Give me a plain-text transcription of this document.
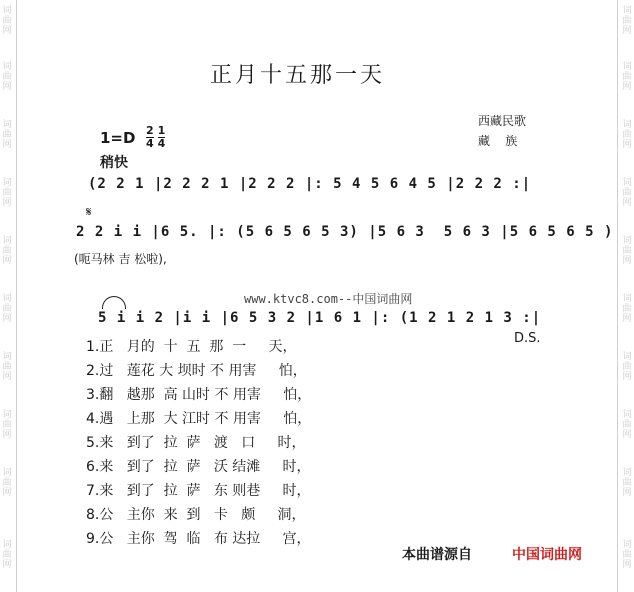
词
曲
网
词
曲
网
词
曲
网
词
曲
网
词
曲
网
词
曲
网
词
曲
网
词
曲
网
词
曲
网
词
曲
网
词
曲
网
词
曲
网
词
曲
网
词
曲
网
词
曲
网
词
曲
网
词
曲
网
词
曲
网
词
曲
网
词
曲
网
正月十五那一天
西藏民歌
藏    族
$1=D \frac{2}{4} \frac{1}{4}$
稍快
(2 2 1 |2 2 2 1 |2 2 2 |: 5 4 5 6 4 5 |2 2 2 :|
𝄋
2 2 i i |6 5. |: (5 6 5 6 5 3) |5 6 3  5 6 3 |5 6 5 6 5 )
(呃马林 吉 松啦),
www.ktvc8.com--中国词曲网
5 i i 2 |i i |6 5 3 2 |1 6 1 |: (1 2 1 2 1 3 :|
D.S.
1.正   月的  十  五  那  一     天，
2.过   莲花 大 坝时 不 用害     怕，
3.翻   越那  高 山时 不 用害     怕，
4.遇   上那  大 江时 不 用害     怕，
5.来   到了  拉  萨   渡   口     时，
6.来   到了  拉  萨   沃 结滩     时，
7.来   到了  拉  萨   东 则巷     时，
8.公   主你  来  到   卡   颇     洞，
9.公   主你  驾  临   布 达拉     宫，
本曲谱源自	中国词曲网
